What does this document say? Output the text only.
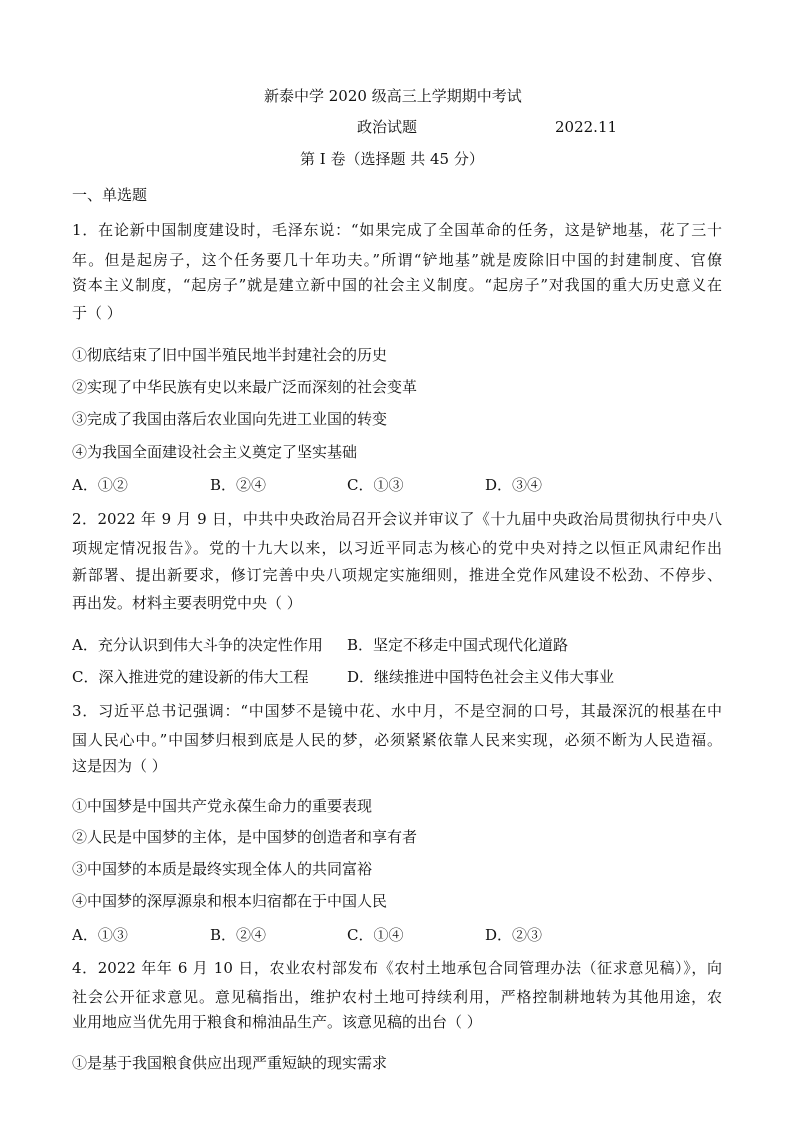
新泰中学 2020 级高三上学期期中考试
政治试题	2022.11
第 I 卷（选择题 共 45 分）
一、单选题
1．在论新中国制度建设时，毛泽东说：“如果完成了全国革命的任务，这是铲地基，花了三十
年。但是起房子，这个任务要几十年功夫。”所谓“铲地基”就是废除旧中国的封建制度、官僚
资本主义制度，“起房子”就是建立新中国的社会主义制度。“起房子”对我国的重大历史意义在
于（ ）
①彻底结束了旧中国半殖民地半封建社会的历史
②实现了中华民族有史以来最广泛而深刻的社会变革
③完成了我国由落后农业国向先进工业国的转变
④为我国全面建设社会主义奠定了坚实基础
A．①②	B．②④	C．①③	D．③④
2．2022 年 9 月 9 日，中共中央政治局召开会议并审议了《十九届中央政治局贯彻执行中央八
项规定情况报告》。党的十九大以来，以习近平同志为核心的党中央对持之以恒正风肃纪作出
新部署、提出新要求，修订完善中央八项规定实施细则，推进全党作风建设不松劲、不停步、
再出发。材料主要表明党中央（ ）
A．充分认识到伟大斗争的决定性作用 B．坚定不移走中国式现代化道路
C．深入推进党的建设新的伟大工程	D．继续推进中国特色社会主义伟大事业
3．习近平总书记强调：“中国梦不是镜中花、水中月，不是空洞的口号，其最深沉的根基在中
国人民心中。”中国梦归根到底是人民的梦，必须紧紧依靠人民来实现，必须不断为人民造福。
这是因为（ ）
①中国梦是中国共产党永葆生命力的重要表现
②人民是中国梦的主体，是中国梦的创造者和享有者
③中国梦的本质是最终实现全体人的共同富裕
④中国梦的深厚源泉和根本归宿都在于中国人民
A．①③	B．②④	C．①④	D．②③
4．2022 年年 6 月 10 日，农业农村部发布《农村土地承包合同管理办法（征求意见稿）》，向
社会公开征求意见。意见稿指出，维护农村土地可持续利用，严格控制耕地转为其他用途，农
业用地应当优先用于粮食和棉油品生产。该意见稿的出台（ ）
①是基于我国粮食供应出现严重短缺的现实需求
